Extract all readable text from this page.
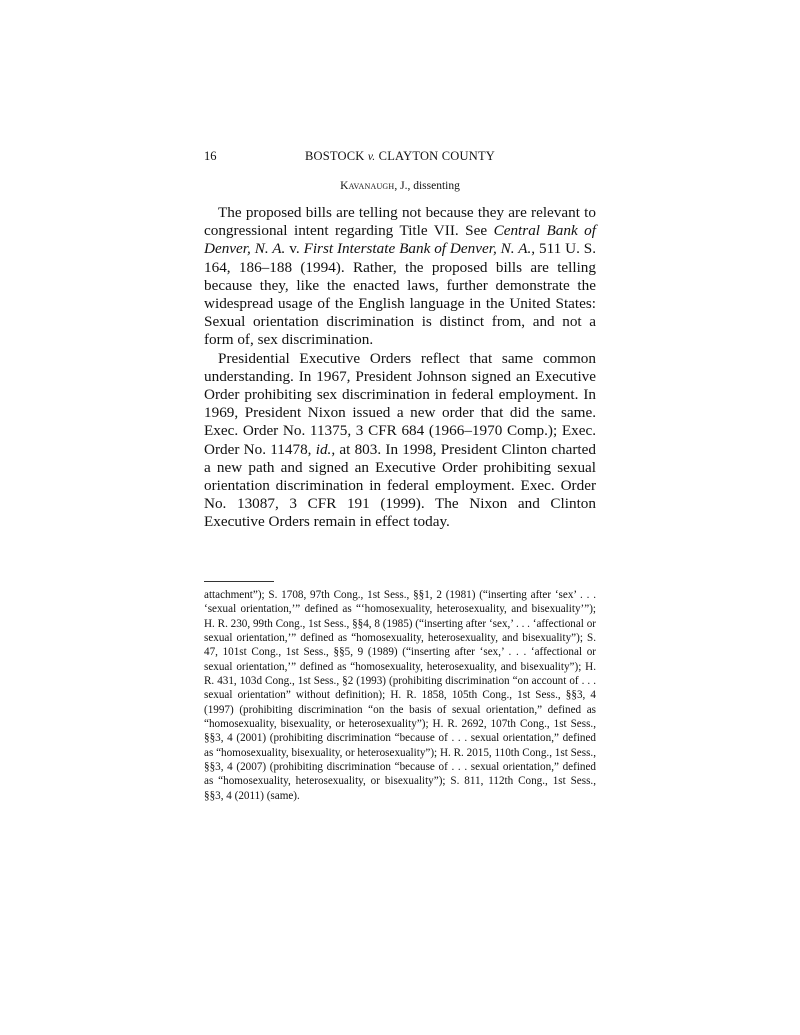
16	BOSTOCK v. CLAYTON COUNTY
Kavanaugh, J., dissenting

The proposed bills are telling not because they are relevant to congressional intent regarding Title VII. See Central Bank of Denver, N. A. v. First Interstate Bank of Denver, N. A., 511 U. S. 164, 186–188 (1994). Rather, the proposed bills are telling because they, like the enacted laws, further demonstrate the widespread usage of the English language in the United States: Sexual orientation discrimination is distinct from, and not a form of, sex discrimination.

Presidential Executive Orders reflect that same common understanding. In 1967, President Johnson signed an Executive Order prohibiting sex discrimination in federal employment. In 1969, President Nixon issued a new order that did the same. Exec. Order No. 11375, 3 CFR 684 (1966–1970 Comp.); Exec. Order No. 11478, id., at 803. In 1998, President Clinton charted a new path and signed an Executive Order prohibiting sexual orientation discrimination in federal employment. Exec. Order No. 13087, 3 CFR 191 (1999). The Nixon and Clinton Executive Orders remain in effect today.

attachment”); S. 1708, 97th Cong., 1st Sess., §§1, 2 (1981) (“inserting after ‘sex’ . . . ‘sexual orientation,’” defined as “‘homosexuality, heterosexuality, and bisexuality’”); H. R. 230, 99th Cong., 1st Sess., §§4, 8 (1985) (“inserting after ‘sex,’ . . . ‘affectional or sexual orientation,’” defined as “homosexuality, heterosexuality, and bisexuality”); S. 47, 101st Cong., 1st Sess., §§5, 9 (1989) (“inserting after ‘sex,’ . . . ‘affectional or sexual orientation,’” defined as “homosexuality, heterosexuality, and bisexuality”); H. R. 431, 103d Cong., 1st Sess., §2 (1993) (prohibiting discrimination “on account of . . . sexual orientation” without definition); H. R. 1858, 105th Cong., 1st Sess., §§3, 4 (1997) (prohibiting discrimination “on the basis of sexual orientation,” defined as “homosexuality, bisexuality, or heterosexuality”); H. R. 2692, 107th Cong., 1st Sess., §§3, 4 (2001) (prohibiting discrimination “because of . . . sexual orientation,” defined as “homosexuality, bisexuality, or heterosexuality”); H. R. 2015, 110th Cong., 1st Sess., §§3, 4 (2007) (prohibiting discrimination “because of . . . sexual orientation,” defined as “homosexuality, heterosexuality, or bisexuality”); S. 811, 112th Cong., 1st Sess., §§3, 4 (2011) (same).
